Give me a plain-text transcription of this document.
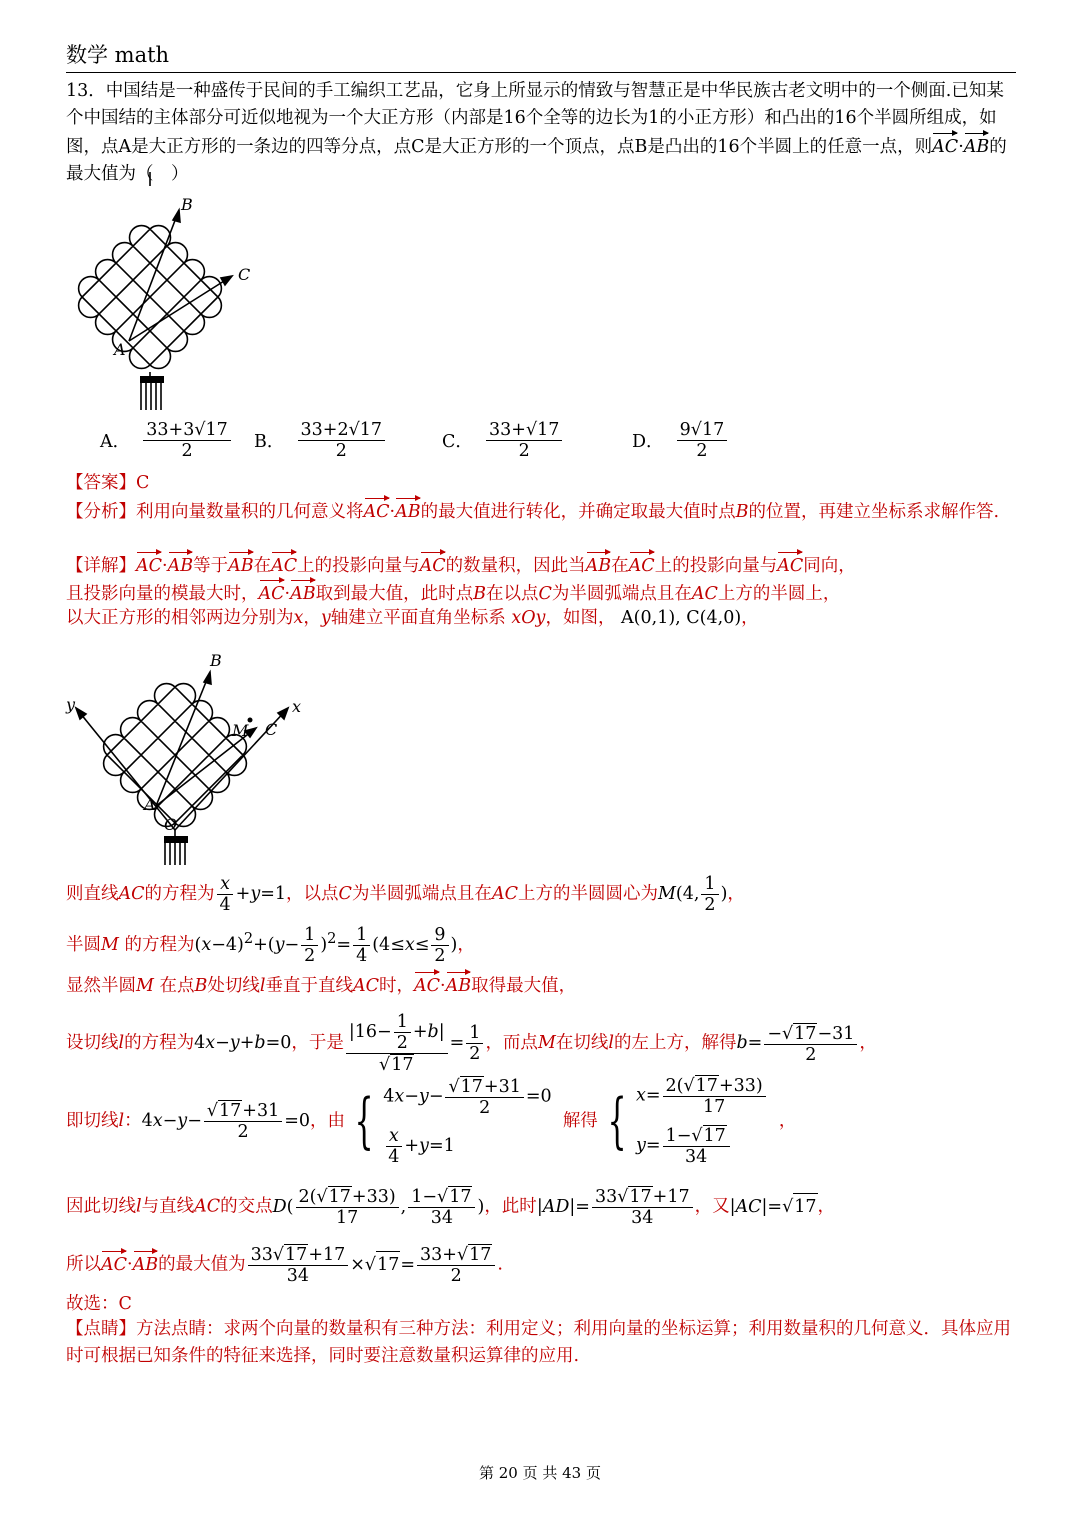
数学 math
13．中国结是一种盛传于民间的手工编织工艺品，它身上所显示的情致与智慧正是中华民族古老文明中的一个侧面.已知某个中国结的主体部分可近似地视为一个大正方形（内部是16个全等的边长为1的小正方形）和凸出的16个半圆所组成，如图，点A是大正方形的一条边的四等分点，点C是大正方形的一个顶点，点B是凸出的16个半圆上的任意一点，则AC·AB的最大值为（　）
A
B
C
A．
$\frac{33+3√17}{2}$ B．
$\frac{33+2√17}{2}$	C．
$\frac{33+√17}{2}$	D．
$\frac{9√17}{2}$
【答案】C
【分析】利用向量数量积的几何意义将AC·AB的最大值进行转化，并确定取最大值时点B的位置，再建立坐标系求解作答.
【详解】AC·AB等于AB在AC上的投影向量与AC的数量积，因此当AB在AC上的投影向量与AC同向，
且投影向量的模最大时，AC·AB取到最大值，此时点B在以点C为半圆弧端点且在AC上方的半圆上，
以大正方形的相邻两边分别为x，y轴建立平面直角坐标系 xOy，如图， A(0,1), C(4,0)，
x
y
A
B
C
M
O
则直线AC的方程为 $\frac{x}{4} +y=1$，以点C为半圆弧端点且在AC上方的半圆圆心为M(4, $\frac{1}{2}$ )，
半圆M 的方程为$(x-4)^2+(y- \frac{1}{2} )^2= \frac{1}{4} (4\le x\le \frac{9}{2}$ )，
显然半圆M 在点B处切线l垂直于直线AC时，AC·AB取得最大值，
设切线l的方程为4x−y+b=0，于是 $\frac{|16- \frac{1}{2} +b|}{√17} = \frac{1}{2}$ ，而点M在切线l的左上方，解得$b= \frac{-√17-31}{2}$ ，
即切线l：$4x-y- \frac{√17+31}{2} =0$，由 { $4x-y- \frac{√17+31}{2} =0$
$\frac{x}{4} +y=1$
解得 { $x= \frac{2(√17+33)}{17}$
$y= \frac{1-√17}{34}$
，
因此切线l与直线AC的交点$D( \frac{2(√17+33)}{17}$ , $\frac{1-√17}{34}$ )，此时$|AD|= \frac{33√17+17}{34}$ ，又|AC|=√17，
所以AC·AB的最大值为 $\frac{33√17+17}{34} \times√17= \frac{33+√17}{2}$ .
故选：C
【点睛】方法点睛：求两个向量的数量积有三种方法：利用定义；利用向量的坐标运算；利用数量积的几何意义．具体应用时可根据已知条件的特征来选择，同时要注意数量积运算律的应用.
第 20 页 共 43 页
